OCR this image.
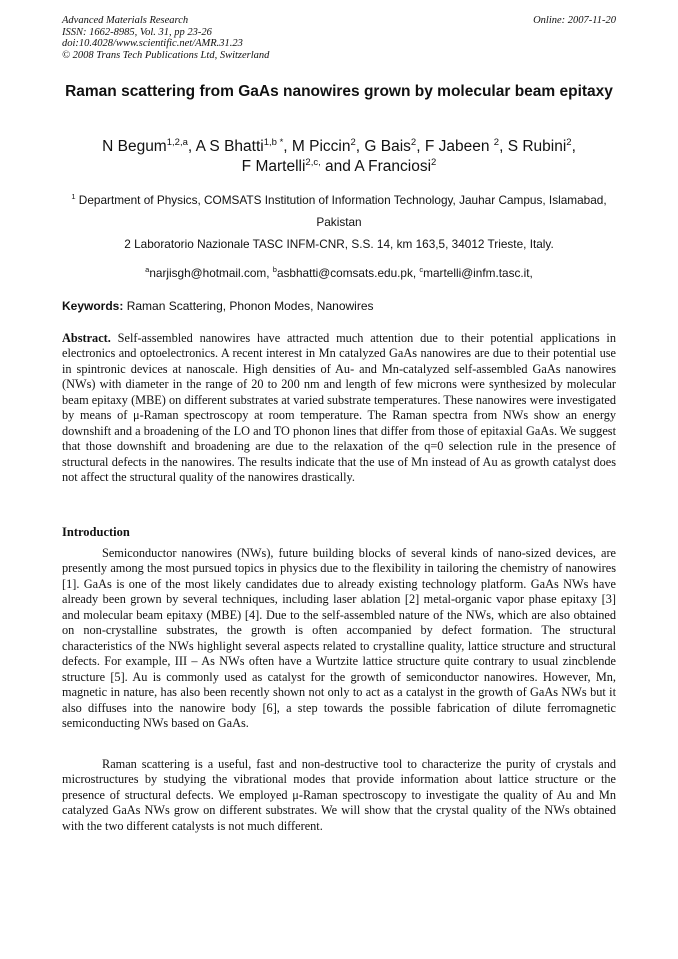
Advanced Materials Research
ISSN: 1662-8985, Vol. 31, pp 23-26
doi:10.4028/www.scientific.net/AMR.31.23
© 2008 Trans Tech Publications Ltd, Switzerland
Online: 2007-11-20
Raman scattering from GaAs nanowires grown by molecular beam epitaxy
N Begum$^{1,2,a}$, A S Bhatti$^{1,b *}$, M Piccin$^2$, G Bais$^2$, F Jabeen $^2$, S Rubini$^2$,
F Martelli$^{2,c,}$ and A Franciosi$^2$
$^1$ Department of Physics, COMSATS Institution of Information Technology, Jauhar Campus, Islamabad, Pakistan
2 Laboratorio Nazionale TASC INFM-CNR, S.S. 14, km 163,5, 34012 Trieste, Italy.
$^a$narjisgh@hotmail.com, $^b$asbhatti@comsats.edu.pk, $^c$martelli@infm.tasc.it,
Keywords: Raman Scattering, Phonon Modes, Nanowires
Abstract. Self-assembled nanowires have attracted much attention due to their potential applications in electronics and optoelectronics. A recent interest in Mn catalyzed GaAs nanowires are due to their potential use in spintronic devices at nanoscale. High densities of Au- and Mn-catalyzed self-assembled GaAs nanowires (NWs) with diameter in the range of 20 to 200 nm and length of few microns were synthesized by molecular beam epitaxy (MBE) on different substrates at varied substrate temperatures. These nanowires were investigated by means of μ-Raman spectroscopy at room temperature. The Raman spectra from NWs show an energy downshift and a broadening of the LO and TO phonon lines that differ from those of epitaxial GaAs. We suggest that those downshift and broadening are due to the relaxation of the q=0 selection rule in the presence of structural defects in the nanowires. The results indicate that the use of Mn instead of Au as growth catalyst does not affect the structural quality of the nanowires drastically.
Introduction

Semiconductor nanowires (NWs), future building blocks of several kinds of nano-sized devices, are presently among the most pursued topics in physics due to the flexibility in tailoring the chemistry of nanowires [1]. GaAs is one of the most likely candidates due to already existing technology platform. GaAs NWs have already been grown by several techniques, including laser ablation [2] metal-organic vapor phase epitaxy [3] and molecular beam epitaxy (MBE) [4]. Due to the self-assembled nature of the NWs, which are also obtained on non-crystalline substrates, the growth is often accompanied by defect formation. The structural characteristics of the NWs highlight several aspects related to crystalline quality, lattice structure and structural defects. For example, III – As NWs often have a Wurtzite lattice structure quite contrary to usual zincblende structure [5]. Au is commonly used as catalyst for the growth of semiconductor nanowires. However, Mn, magnetic in nature, has also been recently shown not only to act as a catalyst in the growth of GaAs NWs but it also diffuses into the nanowire body [6], a step towards the possible fabrication of dilute ferromagnetic semiconducting NWs based on GaAs.

Raman scattering is a useful, fast and non-destructive tool to characterize the purity of crystals and microstructures by studying the vibrational modes that provide information about lattice structure or the presence of structural defects. We employed μ-Raman spectroscopy to investigate the quality of Au and Mn catalyzed GaAs NWs grow on different substrates. We will show that the crystal quality of the NWs obtained with the two different catalysts is not much different.
